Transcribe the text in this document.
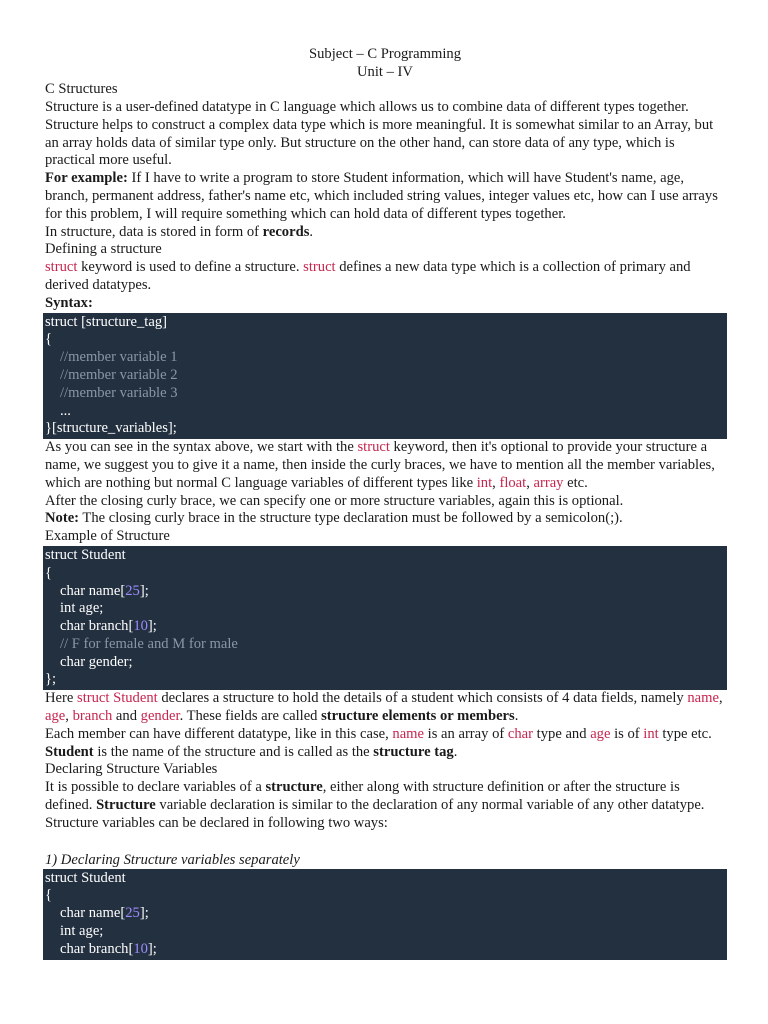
Subject – C Programming
Unit – IV

C Structures

Structure is a user-defined datatype in C language which allows us to combine data of different types together. Structure helps to construct a complex data type which is more meaningful. It is somewhat similar to an Array, but an array holds data of similar type only. But structure on the other hand, can store data of any type, which is practical more useful.

For example: If I have to write a program to store Student information, which will have Student's name, age, branch, permanent address, father's name etc, which included string values, integer values etc, how can I use arrays for this problem, I will require something which can hold data of different types together.

In structure, data is stored in form of records.

Defining a structure

struct keyword is used to define a structure. struct defines a new data type which is a collection of primary and derived datatypes.

Syntax:

struct [structure_tag]
{
//member variable 1
//member variable 2
//member variable 3
...
}[structure_variables];

As you can see in the syntax above, we start with the struct keyword, then it's optional to provide your structure a name, we suggest you to give it a name, then inside the curly braces, we have to mention all the member variables, which are nothing but normal C language variables of different types like int, float, array etc.

After the closing curly brace, we can specify one or more structure variables, again this is optional.

Note: The closing curly brace in the structure type declaration must be followed by a semicolon(;).

Example of Structure

struct Student
{
char name[25];
int age;
char branch[10];
// F for female and M for male
char gender;
};

Here struct Student declares a structure to hold the details of a student which consists of 4 data fields, namely name, age, branch and gender. These fields are called structure elements or members.

Each member can have different datatype, like in this case, name is an array of char type and age is of int type etc. Student is the name of the structure and is called as the structure tag.

Declaring Structure Variables

It is possible to declare variables of a structure, either along with structure definition or after the structure is defined. Structure variable declaration is similar to the declaration of any normal variable of any other datatype. Structure variables can be declared in following two ways:

1) Declaring Structure variables separately

struct Student
{
char name[25];
int age;
char branch[10];
